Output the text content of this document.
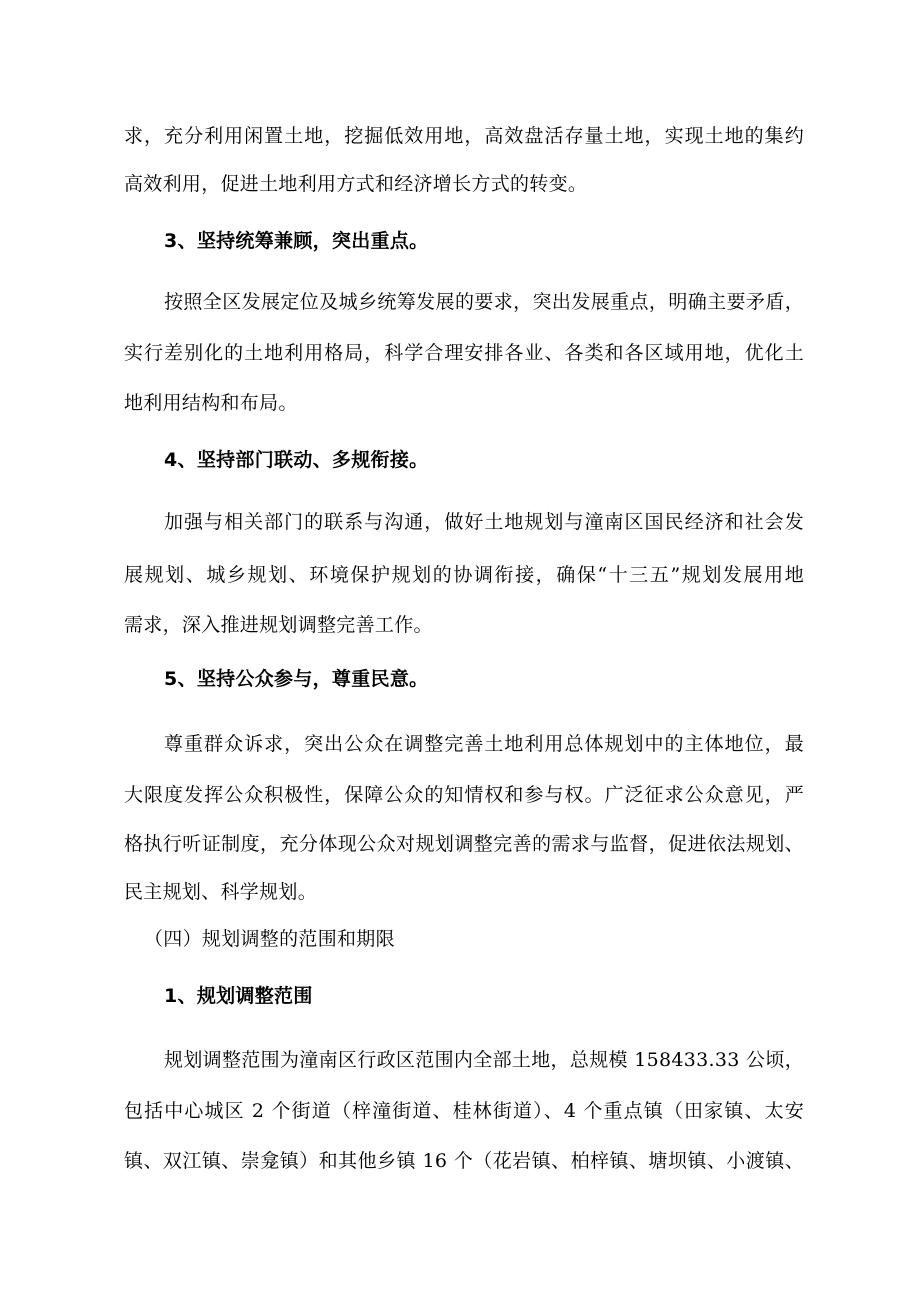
求，充分利用闲置土地，挖掘低效用地，高效盘活存量土地，实现土地的集约
高效利用，促进土地利用方式和经济增长方式的转变。
3、坚持统筹兼顾，突出重点。
按照全区发展定位及城乡统筹发展的要求，突出发展重点，明确主要矛盾，
实行差别化的土地利用格局，科学合理安排各业、各类和各区域用地，优化土
地利用结构和布局。
4、坚持部门联动、多规衔接。
加强与相关部门的联系与沟通，做好土地规划与潼南区国民经济和社会发
展规划、城乡规划、环境保护规划的协调衔接，确保“十三五”规划发展用地
需求，深入推进规划调整完善工作。
5、坚持公众参与，尊重民意。
尊重群众诉求，突出公众在调整完善土地利用总体规划中的主体地位，最
大限度发挥公众积极性，保障公众的知情权和参与权。广泛征求公众意见，严
格执行听证制度，充分体现公众对规划调整完善的需求与监督，促进依法规划、
民主规划、科学规划。
（四）规划调整的范围和期限
1、规划调整范围
规划调整范围为潼南区行政区范围内全部土地，总规模 158433.33 公顷，
包括中心城区 2 个街道（梓潼街道、桂林街道）、4 个重点镇（田家镇、太安
镇、双江镇、崇龛镇）和其他乡镇 16 个（花岩镇、柏梓镇、塘坝镇、小渡镇、
